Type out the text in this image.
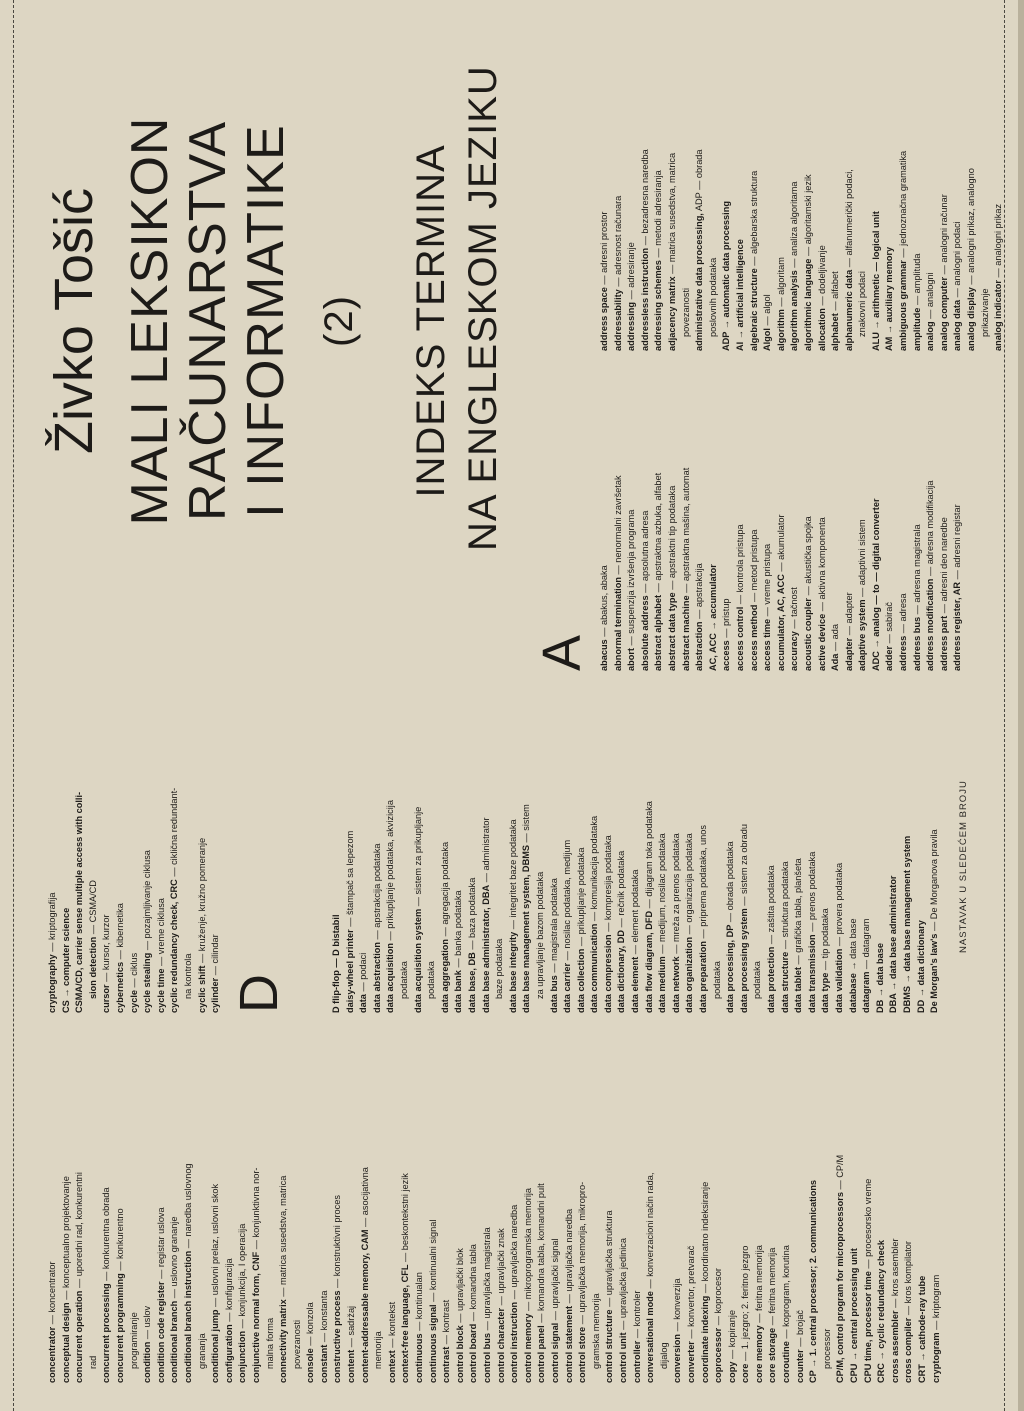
concentrator — koncentrator
conceptual design — konceptualno projektovanje
concurrent operation — uporedni rad, konkurentni
rad concurrent processing — konkurentna obrada
concurrent programming — konkurentno
programiranje condition — uslov condition code register — registar uslova
conditional branch — uslovno grananje conditional branch instruction — naredba uslovnog
grananja conditional jump — uslovni prelaz, uslovni skok
configuration — konfiguracija
conjunction — konjunkcija, I operacija conjunctive normal form, CNF — konjunktivna nor-
malna forma connectivity matrix — matrica susedstva, matrica
povezanosti console — konzola
constant — konstanta constructive process — konstruktivni proces
content — sadržaj content-addressable memory, CAM — asocijativna
memorija context — kontekst context-free language, CFL — beskontekstni jezik
continuous — kontinualan
continuous signal — kontinualni signal
contrast — kontrast
control block — upravljački blok
control board — komandna tabla
control bus — upravljačka magistrala
control character — upravljački znak
control instruction — upravljačka naredba
control memory — mikroprogramska memorija
control panel — komandna tabla, komandni pult
control signal — upravljački signal
control statement — upravljačka naredba
control store — upravljačka memorija, mikropro-
gramska memorija control structure — upravljačka struktura
control unit — upravljačka jedinica
controller — kontroler conversational mode — konverzacioni način rada,
dijalog conversion — konverzija
converter — konvertor, pretvarač coordinate indexing — koordinatno indeksiranje
coprocessor — koprocesor
copy — kopiranje
core — 1. jezgro; 2. feritno jezgro core memory — feritna memorija
core storage — feritna memorija
coroutine — koprogram, korutina
counter — brojač CP → 1. central processor; 2. communications processor CP/M, control program for microprocessors — CP/M
CPU → central processing unit CPU time, processor time — procesorsko vreme
CRC → cyclic redundancy check cross assembler — kros asembler
cross compiler — kros kompilator CRT → cathode-ray tube cryptogram — kriptogram
cryptography — kriptografija CS → computer science CSMA/CD, carrier sense multiple access with colli- sion detection — CSMA/CD
cursor — kursor, kurzor
cybernetics — kibernetika
cycle — ciklus cycle stealing — pozajmljivanje ciklusa
cycle time — vreme ciklusa cyclic redundancy check, CRC — ciklična redundant-
na kontrola cyclic shift — kruženje, kružno pomeranje
cylinder — cilindar
D	D flip-flop — D bistabil daisy-wheel printer — štampač sa lepezom
data — podaci data abstraction — apstrakcija podataka
data acquisition — prikupljanje podataka, akvizicija
podataka data acquisition system — sistem za prikupljanje
podataka data aggregation — agregacija podataka
data bank — banka podataka
data base, DB — baza podataka data base administrator, DBA — administrator
baze podataka data base integrity — integritet baze podataka data base management system, DBMS — sistem
za upravljanje bazom podataka data bus — magistrala podataka
data carrier — nosilac podataka, medijum
data collection — prikupljanje podataka
data communication — komunikacija podataka
data compression — kompresija podataka
data dictionary, DD — rečnik podataka
data element — element podataka data flow diagram, DFD — dijagram toka podataka
data medium — medijum, nosilac podataka
data network — mreža za prenos podataka
data organization — organizacija podataka
data preparation — priprema podataka, unos
podataka data processing, DP — obrada podataka
data processing system — sistem za obradu
podataka data protection — zaštita podataka
data structure — struktura podataka
data tablet — grafička tabla, planšeta
data transmission — prenos podataka
data type — tip podataka
data validation — provera podataka
database → data base
datagram — datagram DB → data base DBA → data base administrator DBMS → data base management system DD → data dictionary De Morgan's law's — De Morganova pravila
A abacus — abakus, abaka abnormal termination — nenormalni završetak
abort — suspenzija izvršenja programa absolute address — apsolutna adresa
abstract alphabet — apstraktna azbuka, alfabet
abstract data type — apstraktni tip podataka
abstract machine — apstraktna mašina, automat
abstraction — apstrakcija AC, ACC → accumulator access — pristup access control — kontrola pristupa
access method — metod pristupa
access time — vreme pristupa accumulator, AC, ACC — akumulator
accuracy — tačnost acoustic coupler — akustička spojka
active device — aktivna komponenta
Ada — ada adapter — adapter adaptive system — adaptivni sistem ADC → analog — to — digital converter adder — sabirač
address — adresa
address bus — adresna magistrala
address modification — adresna modifikacija
address part — adresni deo naredbe
address register, AR — adresni registar
address space — adresni prostor
addressability — adresnost računara
addressing — adresiranje addressless instruction — bezadresna naredba
addressing schemes — metodi adresiranja
adjacency matrix — matrica susedstva, matrica
povezanosti administrative data processing, ADP — obrada
poslovnih podataka ADP → automatic data processing AI → artificial intelligence algebraic structure — algebarska struktura
Algol — algol algorithm — algoritam algorithm analysis — analiza algoritama
algorithmic language — algoritamski jezik
allocation — dodeljivanje
alphabet — alfabet alphanumeric data — alfanumerički podaci,
znakovni podaci ALU → arithmetic — logical unit AM → auxiliary memory ambiguous grammar — jednoznačna gramatika
amplitude — amplituda
analog — analogni analog computer — analogni računar
analog data — analogni podaci
analog display — analogni prikaz, analogno
prikazivanje analog indicator — analogni prikaz
NASTAVAK U SLEDEĆEM BROJU
Živko Tošić MALI LEKSIKON RAČUNARSTVA I INFORMATIKE (2) INDEKS TERMINA NA ENGLESKOM JEZIKU
